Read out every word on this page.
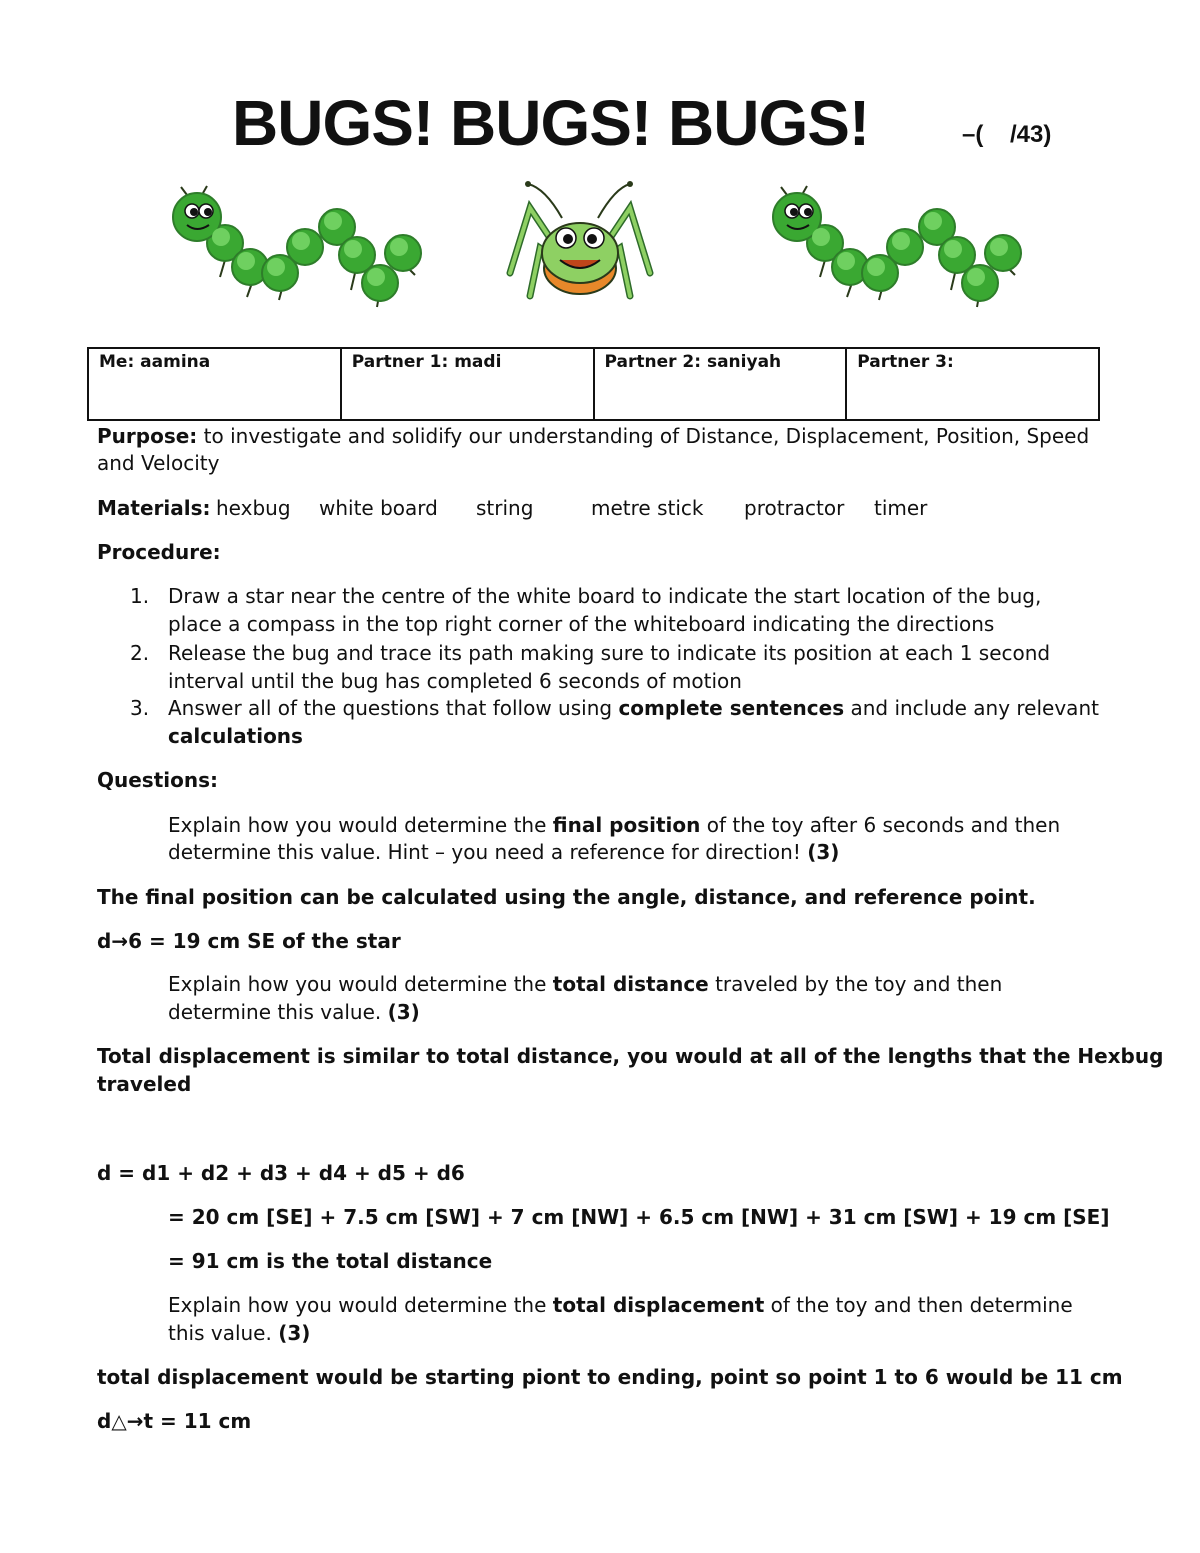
BUGS! BUGS! BUGS!	–(    /43)
Me: aamina	Partner 1: madi	Partner 2: saniyah	Partner 3:
Purpose: to investigate and solidify our understanding of Distance, Displacement, Position, Speed
and Velocity
Materials: hexbug white board string	metre stick protractor timer
Procedure:
1. Draw a star near the centre of the white board to indicate the start location of the bug,
place a compass in the top right corner of the whiteboard indicating the directions
2. Release the bug and trace its path making sure to indicate its position at each 1 second
interval until the bug has completed 6 seconds of motion
3. Answer all of the questions that follow using complete sentences and include any relevant
calculations
Questions:
Explain how you would determine the final position of the toy after 6 seconds and then
determine this value. Hint – you need a reference for direction! (3)
The final position can be calculated using the angle, distance, and reference point.
d→6 = 19 cm SE of the star
Explain how you would determine the total distance traveled by the toy and then
determine this value. (3)
Total displacement is similar to total distance, you would at all of the lengths that the Hexbug
traveled
d = d1 + d2 + d3 + d4 + d5 + d6
= 20 cm [SE] + 7.5 cm [SW] + 7 cm [NW] + 6.5 cm [NW] + 31 cm [SW] + 19 cm [SE]
= 91 cm is the total distance
Explain how you would determine the total displacement of the toy and then determine
this value. (3)
total displacement would be starting piont to ending, point so point 1 to 6 would be 11 cm
d△→t = 11 cm
